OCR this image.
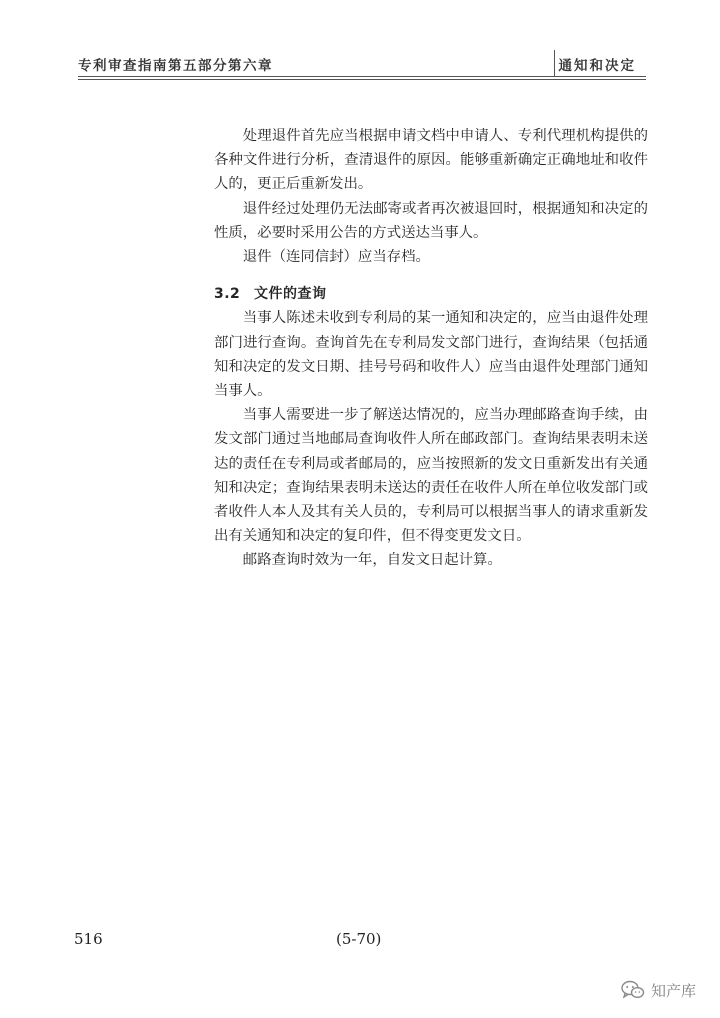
专利审查指南第五部分第六章	通知和决定

处理退件首先应当根据申请文档中申请人、专利代理机构提供的各种文件进行分析，查清退件的原因。能够重新确定正确地址和收件人的，更正后重新发出。

退件经过处理仍无法邮寄或者再次被退回时，根据通知和决定的性质，必要时采用公告的方式送达当事人。

退件（连同信封）应当存档。

3.2 文件的查询

当事人陈述未收到专利局的某一通知和决定的，应当由退件处理部门进行查询。查询首先在专利局发文部门进行，查询结果（包括通知和决定的发文日期、挂号号码和收件人）应当由退件处理部门通知当事人。

当事人需要进一步了解送达情况的，应当办理邮路查询手续，由发文部门通过当地邮局查询收件人所在邮政部门。查询结果表明未送达的责任在专利局或者邮局的，应当按照新的发文日重新发出有关通知和决定；查询结果表明未送达的责任在收件人所在单位收发部门或者收件人本人及其有关人员的，专利局可以根据当事人的请求重新发出有关通知和决定的复印件，但不得变更发文日。

邮路查询时效为一年，自发文日起计算。

516	(5-70)
知产库
